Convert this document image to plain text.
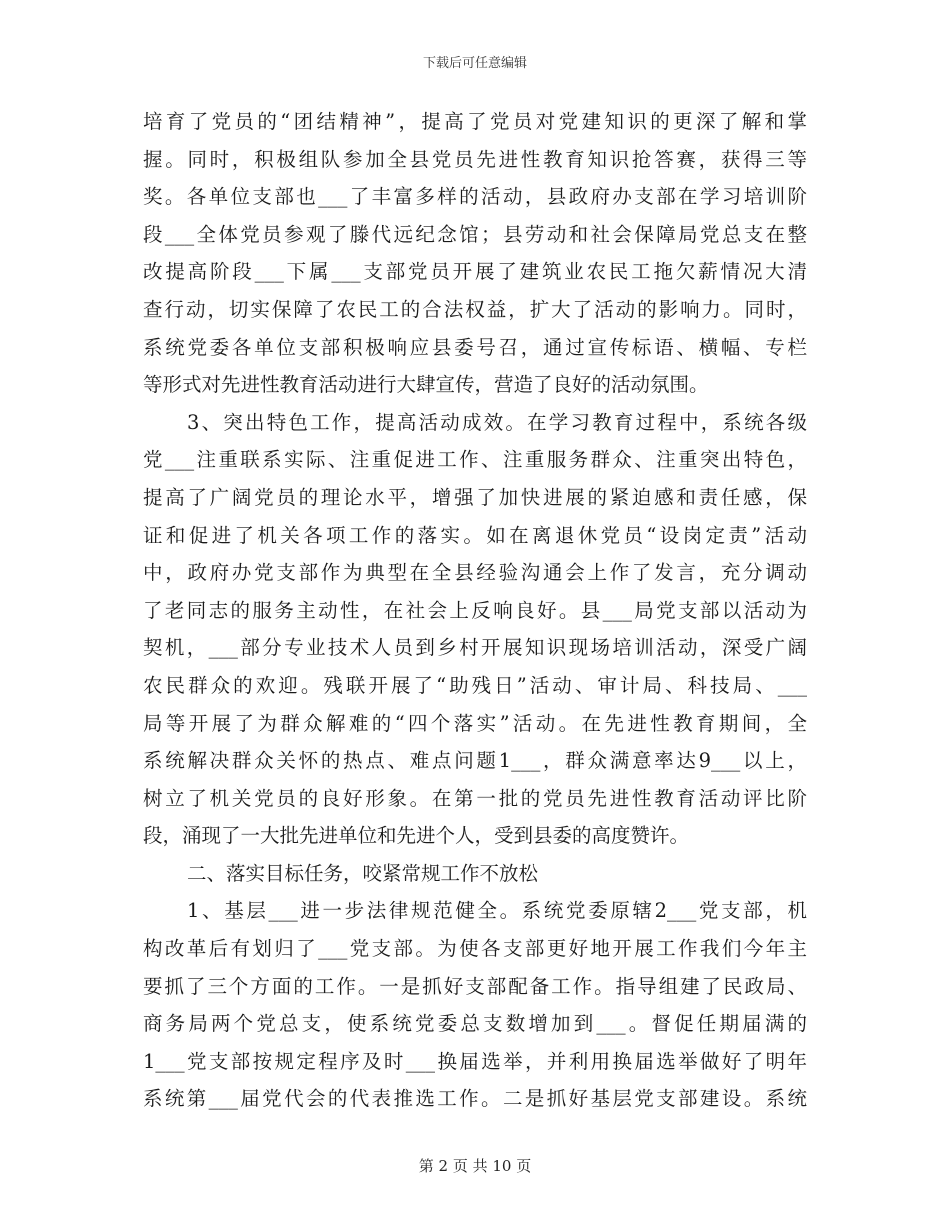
下载后可任意编辑
培育了党员的“团结精神”，提高了党员对党建知识的更深了解和掌
握。同时，积极组队参加全县党员先进性教育知识抢答赛，获得三等
奖。各单位支部也___了丰富多样的活动，县政府办支部在学习培训阶
段___全体党员参观了滕代远纪念馆；县劳动和社会保障局党总支在整
改提高阶段___下属___支部党员开展了建筑业农民工拖欠薪情况大清
查行动，切实保障了农民工的合法权益，扩大了活动的影响力。同时，
系统党委各单位支部积极响应县委号召，通过宣传标语、横幅、专栏
等形式对先进性教育活动进行大肆宣传，营造了良好的活动氛围。
3、突出特色工作，提高活动成效。在学习教育过程中，系统各级
党___注重联系实际、注重促进工作、注重服务群众、注重突出特色，
提高了广阔党员的理论水平，增强了加快进展的紧迫感和责任感，保
证和促进了机关各项工作的落实。如在离退休党员“设岗定责”活动
中，政府办党支部作为典型在全县经验沟通会上作了发言，充分调动
了老同志的服务主动性，在社会上反响良好。县___局党支部以活动为
契机，___部分专业技术人员到乡村开展知识现场培训活动，深受广阔
农民群众的欢迎。残联开展了“助残日”活动、审计局、科技局、___
局等开展了为群众解难的“四个落实”活动。在先进性教育期间，全
系统解决群众关怀的热点、难点问题1___，群众满意率达9___以上，
树立了机关党员的良好形象。在第一批的党员先进性教育活动评比阶
段，涌现了一大批先进单位和先进个人，受到县委的高度赞许。
二、落实目标任务，咬紧常规工作不放松
1、基层___进一步法律规范健全。系统党委原辖2___党支部，机
构改革后有划归了___党支部。为使各支部更好地开展工作我们今年主
要抓了三个方面的工作。一是抓好支部配备工作。指导组建了民政局、
商务局两个党总支，使系统党委总支数增加到___。督促任期届满的
1___党支部按规定程序及时___换届选举，并利用换届选举做好了明年
系统第___届党代会的代表推选工作。二是抓好基层党支部建设。系统
第 2 页 共 10 页
